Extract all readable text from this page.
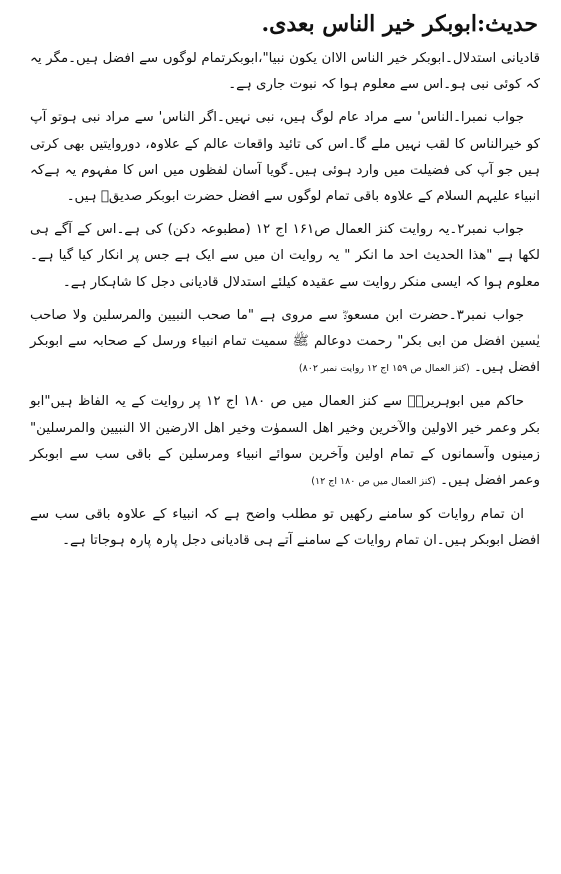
حدیث:ابوبکر خیر الناس بعدی.

قادیانی استدلال۔ابوبکر خیر الناس الاان یکون نبیا"،ابوبکرتمام لوگوں سے افضل ہیں۔مگر یہ کہ کوئی نبی ہو۔اس سے معلوم ہوا کہ نبوت جاری ہے۔

جواب نمبرا۔الناس' سے مراد عام لوگ ہیں، نبی نہیں۔اگر الناس' سے مراد نبی ہوتو آپ کو خیرالناس کا لقب نہیں ملے گا۔اس کی تائید واقعات عالم کے علاوہ، دوروایتیں بھی کرتی ہیں جو آپ کی فضیلت میں وارد ہوئی ہیں۔گویا آسان لفظوں میں اس کا مفہوم یہ ہےکہ انبیاء علیہم السلام کے علاوہ باقی تمام لوگوں سے افضل حضرت ابوبکر صدیقؓ ہیں۔

جواب نمبر۲۔یہ روایت کنز العمال ص۱۶۱ اج ۱۲ (مطبوعہ دکن) کی ہے۔اس کے آگے ہی لکھا ہے "ھذا الحدیث احد ما انکر " یہ روایت ان میں سے ایک ہے جس پر انکار کیا گیا ہے۔معلوم ہوا کہ ایسی منکر روایت سے عقیدہ کیلئے استدلال قادیانی دجل کا شاہکار ہے۔

جواب نمبر۳۔حضرت ابن مسعودؓ سے مروی ہے "ما صحب النبیین والمرسلین ولا صاحب یٰسین افضل من ابی بکر" رحمت دوعالم ﷺ سمیت تمام انبیاء ورسل کے صحابہ سے ابوبکر افضل ہیں۔ (کنز العمال ص ۱۵۹ اج ۱۲ روایت نمبر ۸۰۲)

حاکم میں ابوہریرہؓ سے کنز العمال میں ص ۱۸۰ اج ۱۲ پر روایت کے یہ الفاظ ہیں"ابو بکر وعمر خیر الاولین والآخرین وخیر اھل السموٰت وخیر اھل الارضین الا النبیین والمرسلین" زمینوں وآسمانوں کے تمام اولین وآخرین سوائے انبیاء ومرسلین کے باقی سب سے ابوبکر وعمر افضل ہیں۔ (کنز العمال میں ص ۱۸۰ اج ۱۲)

ان تمام روایات کو سامنے رکھیں تو مطلب واضح ہے کہ انبیاء کے علاوہ باقی سب سے افضل ابوبکر ہیں۔ان تمام روایات کے سامنے آتے ہی قادیانی دجل پارہ پارہ ہوجاتا ہے۔
